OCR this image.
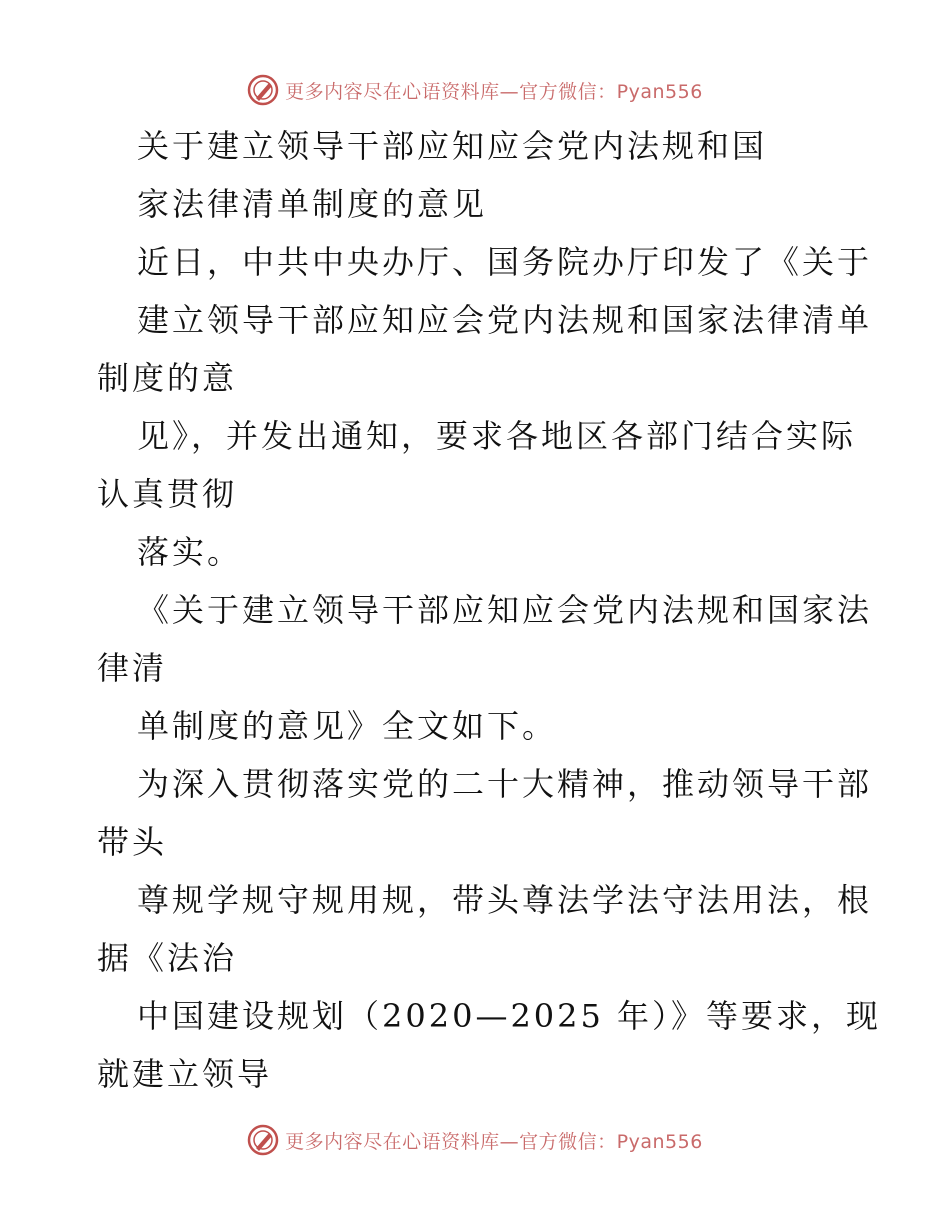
更多内容尽在心语资料库—官方微信：Pyan556
关于建立领导干部应知应会党内法规和国
家法律清单制度的意见
近日，中共中央办厅、国务院办厅印发了《关于
建立领导干部应知应会党内法规和国家法律清单
制度的意
见》，并发出通知，要求各地区各部门结合实际
认真贯彻
落实。
《关于建立领导干部应知应会党内法规和国家法
律清
单制度的意见》全文如下。
为深入贯彻落实党的二十大精神，推动领导干部
带头
尊规学规守规用规，带头尊法学法守法用法，根
据《法治
中国建设规划（2020—2025 年）》等要求，现
就建立领导
更多内容尽在心语资料库—官方微信：Pyan556
